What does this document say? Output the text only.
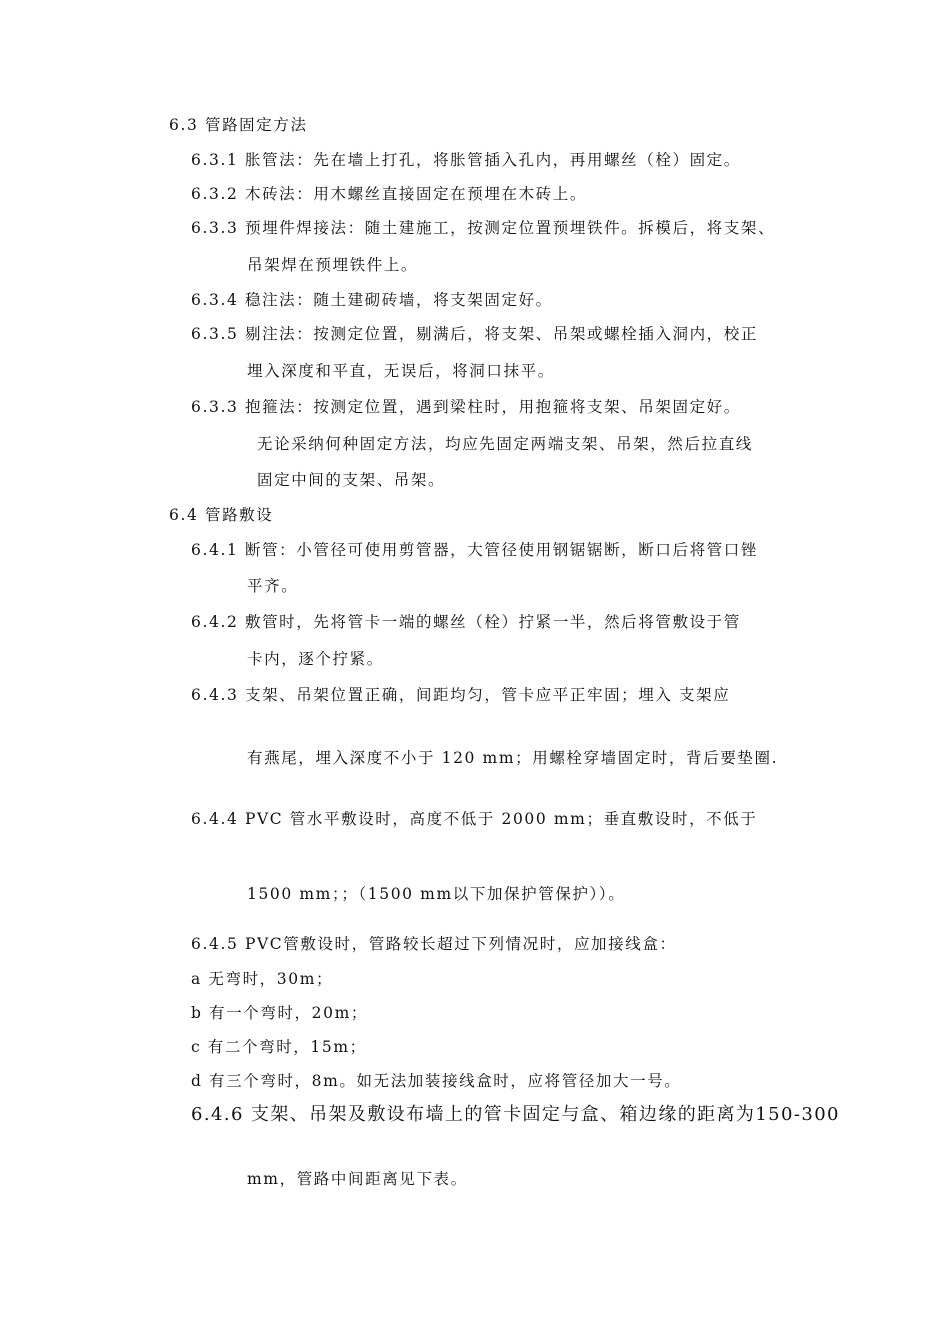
6.3 管路固定方法
6.3.1 胀管法：先在墙上打孔，将胀管插入孔内，再用螺丝（栓）固定。
6.3.2 木砖法：用木螺丝直接固定在预埋在木砖上。
6.3.3 预埋件焊接法：随土建施工，按测定位置预埋铁件。拆模后，将支架、
吊架焊在预埋铁件上。
6.3.4 稳注法：随土建砌砖墙，将支架固定好。
6.3.5 剔注法：按测定位置，剔满后，将支架、吊架或螺栓插入洞内，校正
埋入深度和平直，无误后，将洞口抹平。
6.3.3 抱箍法：按测定位置，遇到梁柱时，用抱箍将支架、吊架固定好。
无论采纳何种固定方法，均应先固定两端支架、吊架，然后拉直线
固定中间的支架、吊架。
6.4 管路敷设
6.4.1 断管：小管径可使用剪管器，大管径使用钢锯锯断，断口后将管口锉
平齐。
6.4.2 敷管时，先将管卡一端的螺丝（栓）拧紧一半，然后将管敷设于管
卡内，逐个拧紧。
6.4.3 支架、吊架位置正确，间距均匀，管卡应平正牢固；埋入 支架应
有燕尾，埋入深度不小于 120 mm；用螺栓穿墙固定时，背后要垫圈.
6.4.4 PVC 管水平敷设时，高度不低于 2000 mm；垂直敷设时，不低于
1500 mm；；（1500 mm以下加保护管保护））。
6.4.5 PVC管敷设时，管路较长超过下列情况时，应加接线盒：
a 无弯时，30m；
b 有一个弯时，20m；
c 有二个弯时，15m；
d 有三个弯时，8m。如无法加装接线盒时，应将管径加大一号。
6.4.6 支架、吊架及敷设布墙上的管卡固定与盒、箱边缘的距离为150-300
mm，管路中间距离见下表。
